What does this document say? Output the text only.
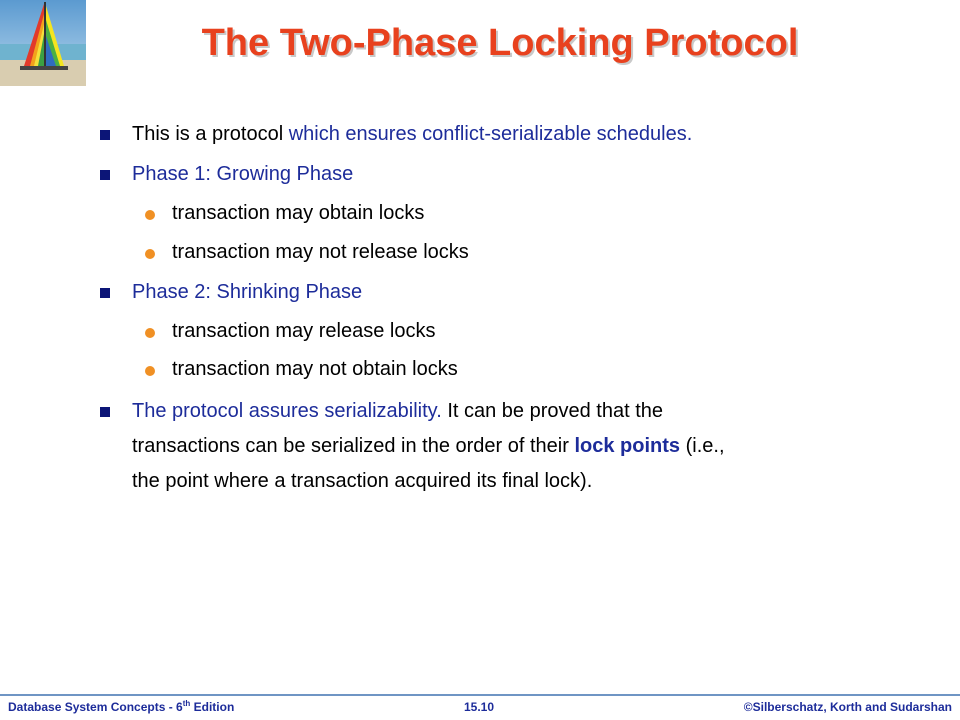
The Two-Phase Locking Protocol
This is a protocol which ensures conflict-serializable schedules.
Phase 1: Growing Phase
transaction may obtain locks
transaction may not release locks
Phase 2: Shrinking Phase
transaction may release locks
transaction may not obtain locks
The protocol assures serializability. It can be proved that the
transactions can be serialized in the order of their lock points (i.e.,
the point where a transaction acquired its final lock).
Database System Concepts - 6th Edition	15.10	©Silberschatz, Korth and Sudarshan
